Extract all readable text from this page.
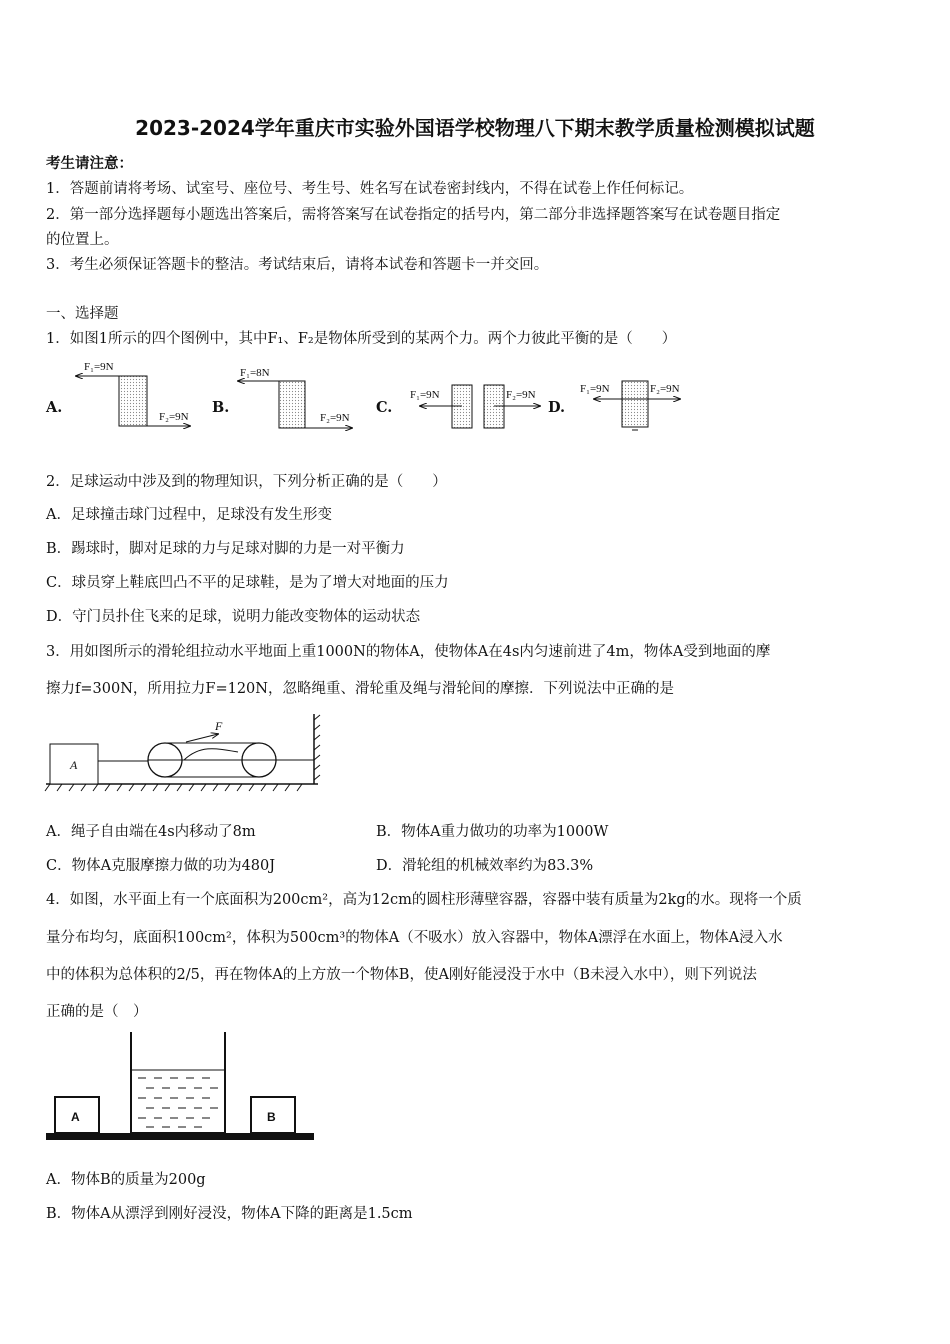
2023-2024学年重庆市实验外国语学校物理八下期末教学质量检测模拟试题
考生请注意：
1．答题前请将考场、试室号、座位号、考生号、姓名写在试卷密封线内，不得在试卷上作任何标记。
2．第一部分选择题每小题选出答案后，需将答案写在试卷指定的括号内，第二部分非选择题答案写在试卷题目指定
的位置上。
3．考生必须保证答题卡的整洁。考试结束后，请将本试卷和答题卡一并交回。
一、选择题
1．如图1所示的四个图例中，其中F₁、F₂是物体所受到的某两个力。两个力彼此平衡的是（　　）
A.	B.	C.	D.
F₁=9N
F₂=9N
F₁=8N
F₂=9N
F₁=9N	F₂=9N	F₁=9N	F₂=9N
2．足球运动中涉及到的物理知识，下列分析正确的是（　　）
A．足球撞击球门过程中，足球没有发生形变
B．踢球时，脚对足球的力与足球对脚的力是一对平衡力
C．球员穿上鞋底凹凸不平的足球鞋，是为了增大对地面的压力
D．守门员扑住飞来的足球，说明力能改变物体的运动状态
3．用如图所示的滑轮组拉动水平地面上重1000N的物体A，使物体A在4s内匀速前进了4m，物体A受到地面的摩
擦力f=300N，所用拉力F=120N，忽略绳重、滑轮重及绳与滑轮间的摩擦．下列说法中正确的是
A
F
A．绳子自由端在4s内移动了8m	B．物体A重力做功的功率为1000W
C．物体A克服摩擦力做的功为480J	D．滑轮组的机械效率约为83.3%
4．如图，水平面上有一个底面积为200cm²，高为12cm的圆柱形薄壁容器，容器中装有质量为2kg的水。现将一个质
量分布均匀，底面积100cm²，体积为500cm³的物体A（不吸水）放入容器中，物体A漂浮在水面上，物体A浸入水
中的体积为总体积的2/5，再在物体A的上方放一个物体B，使A刚好能浸没于水中（B未浸入水中），则下列说法
正确的是（　）
A	B
A．物体B的质量为200g
B．物体A从漂浮到刚好浸没，物体A下降的距离是1.5cm
